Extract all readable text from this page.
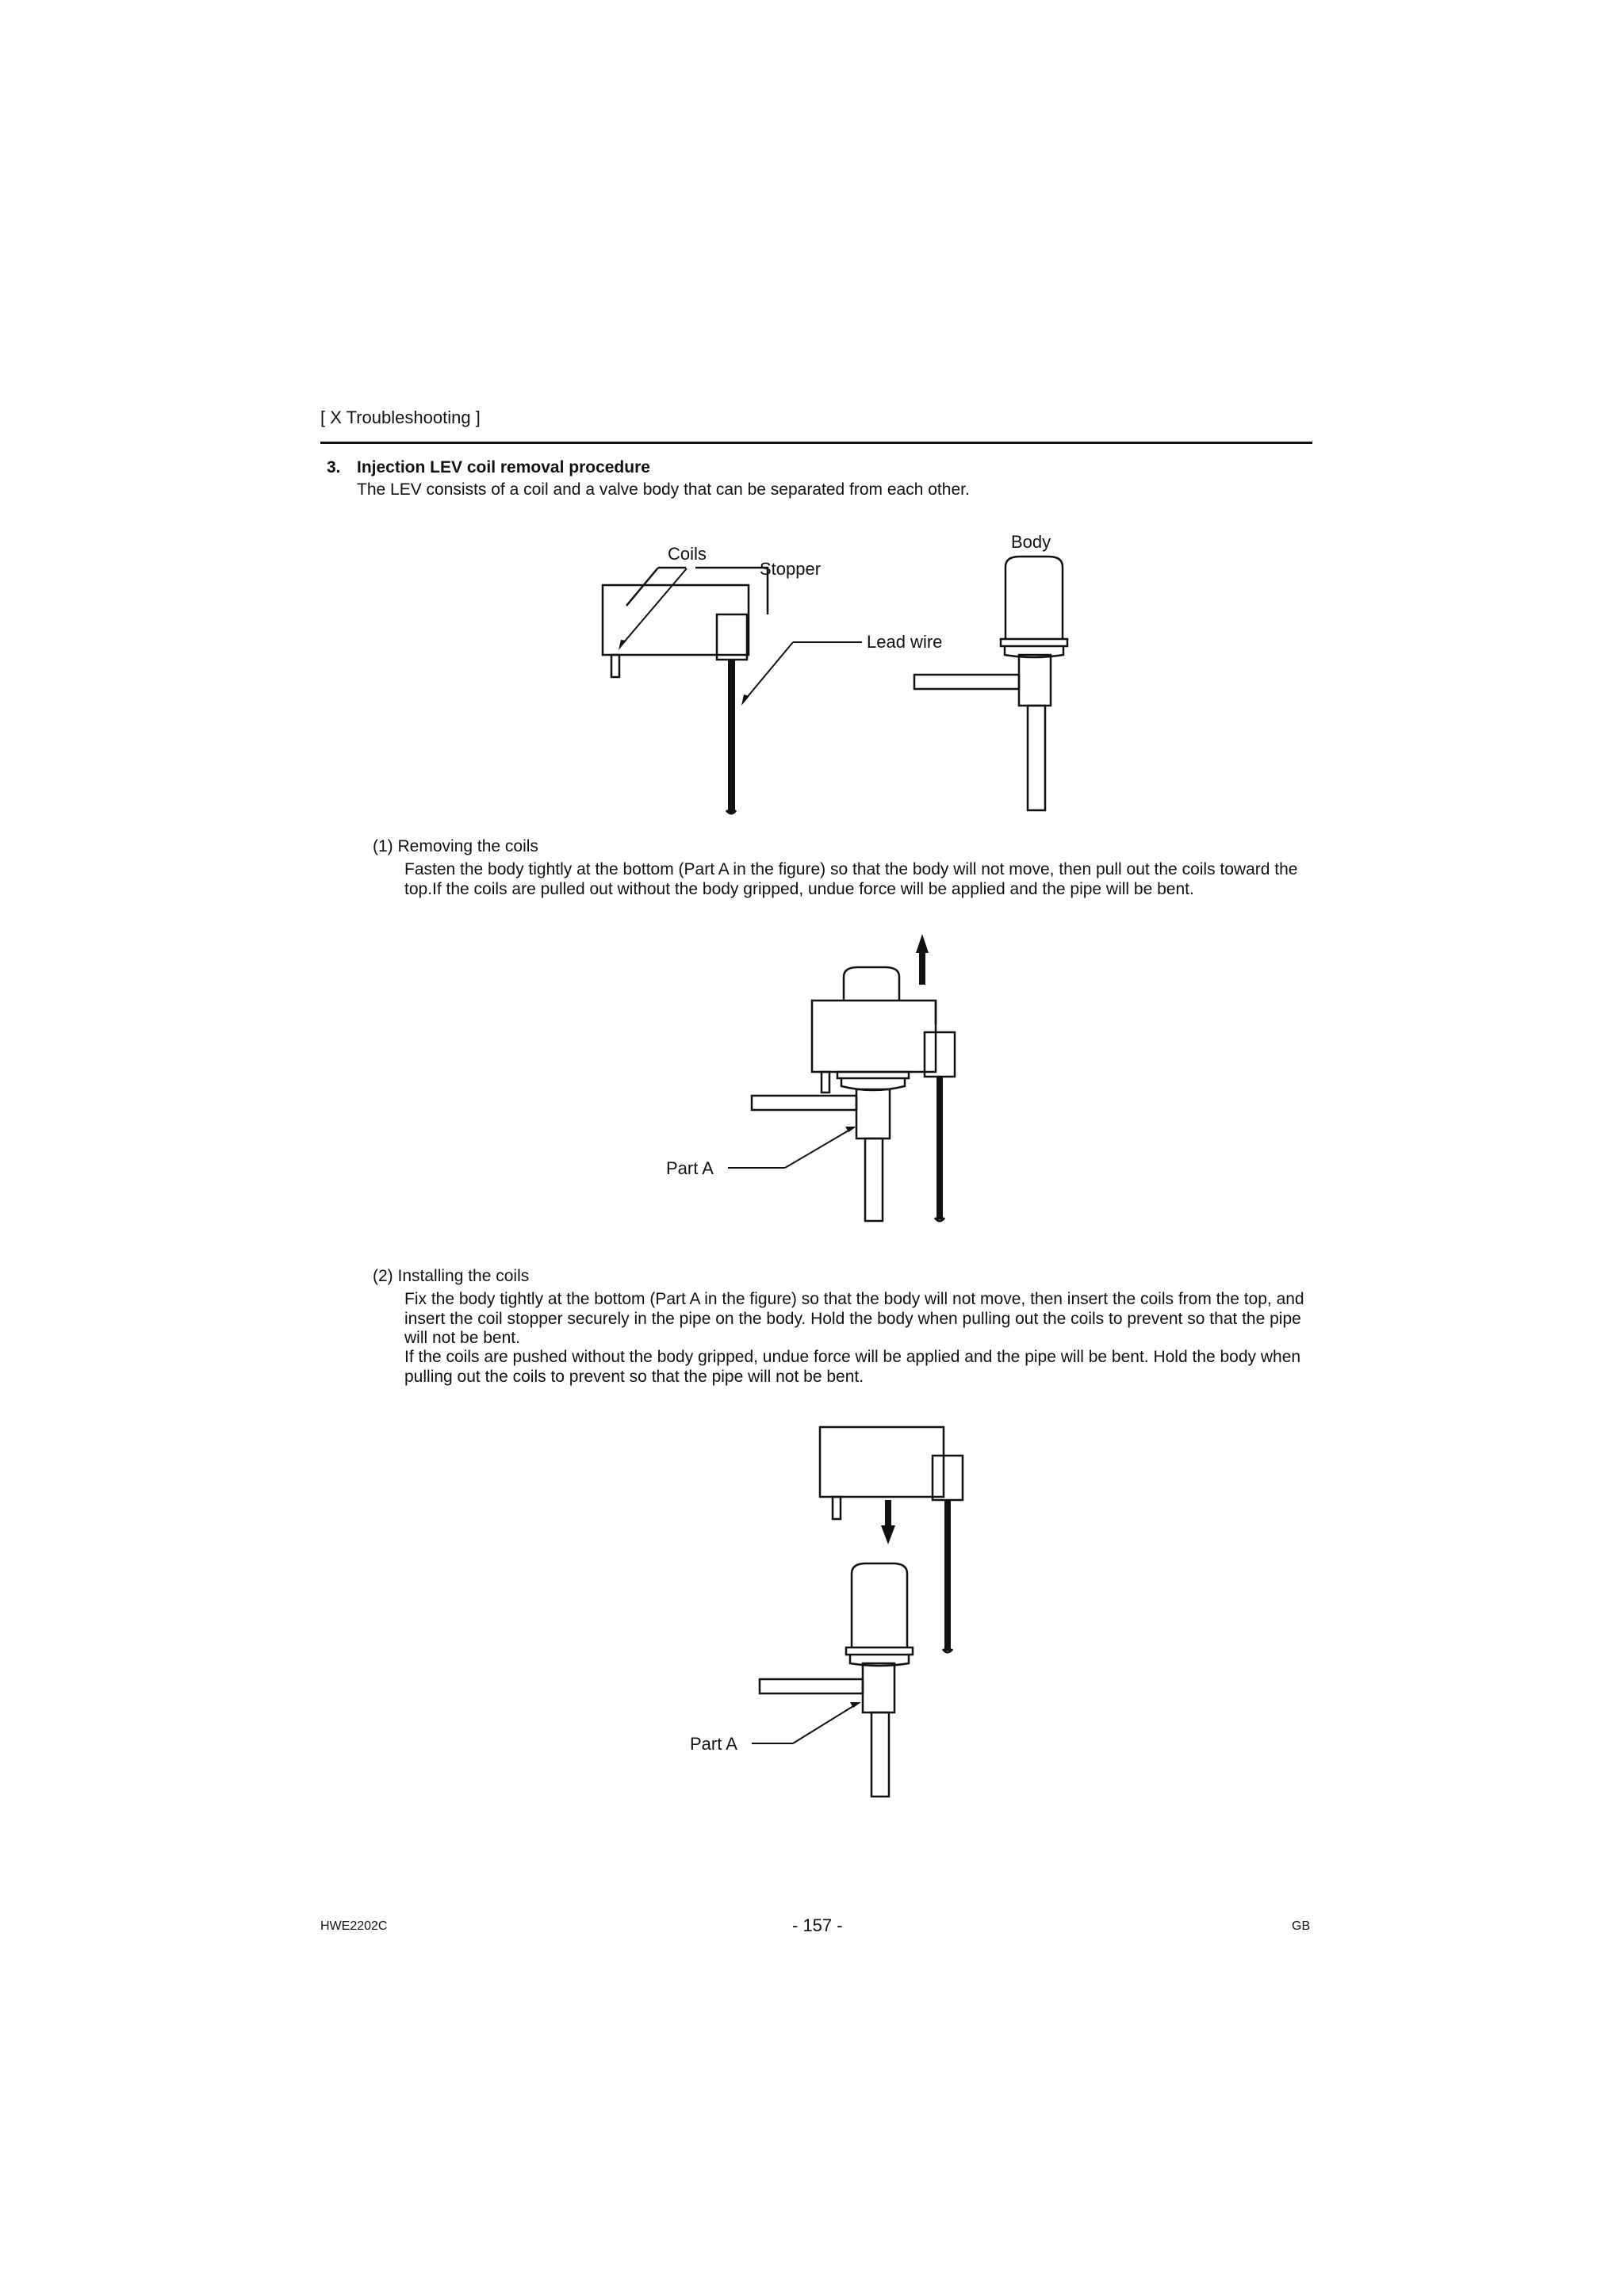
[ X Troubleshooting ]
3. Injection LEV coil removal procedure
The LEV consists of a coil and a valve body that can be separated from each other.
Coils
Stopper
Body
Lead wire
(1) Removing the coils
Fasten the body tightly at the bottom (Part A in the figure) so that the body will not move, then pull out the coils toward the top.If the coils are pulled out without the body gripped, undue force will be applied and the pipe will be bent.
Part A
(2) Installing the coils
Fix the body tightly at the bottom (Part A in the figure) so that the body will not move, then insert the coils from the top, and insert the coil stopper securely in the pipe on the body. Hold the body when pulling out the coils to prevent so that the pipe will not be bent.
If the coils are pushed without the body gripped, undue force will be applied and the pipe will be bent. Hold the body when pulling out the coils to prevent so that the pipe will not be bent.
Part A
HWE2202C	- 157 -	GB
